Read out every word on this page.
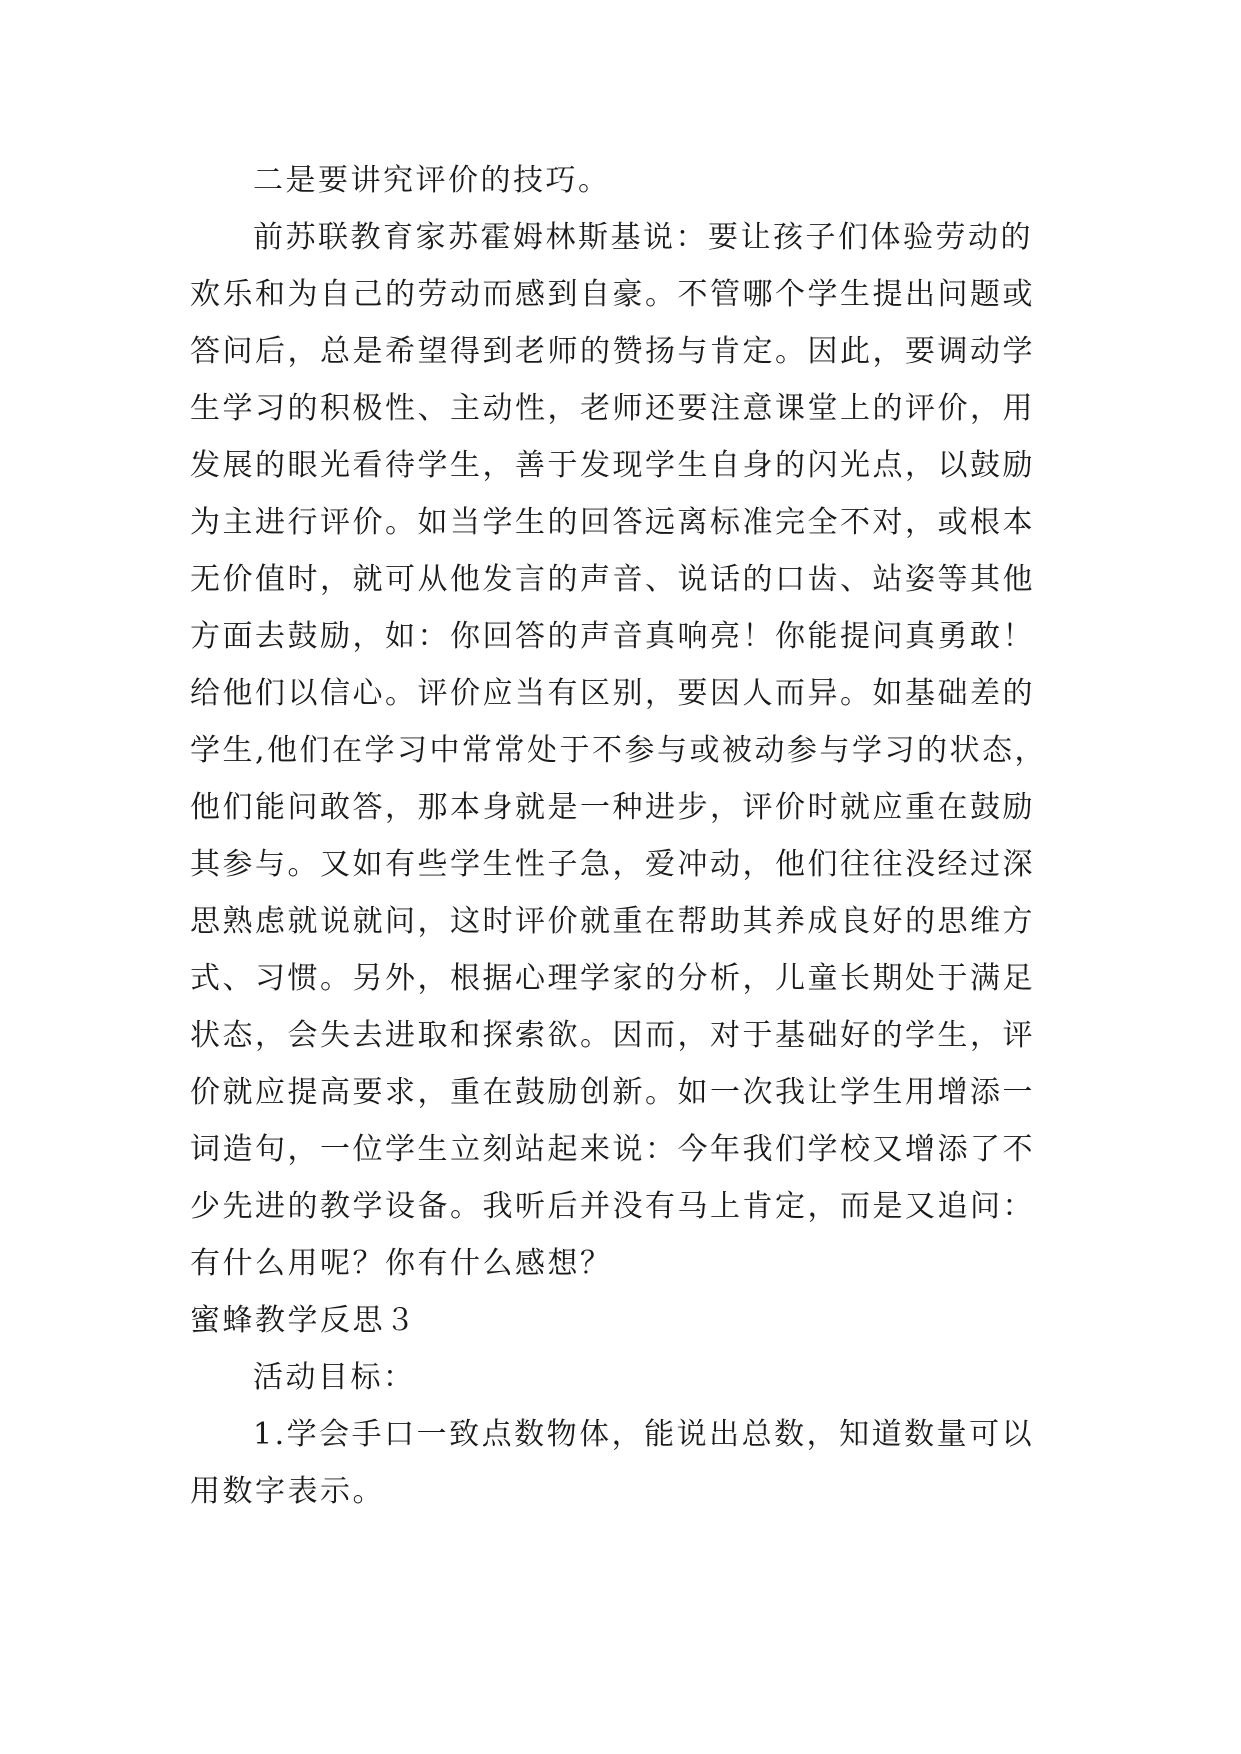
二是要讲究评价的技巧。
前苏联教育家苏霍姆林斯基说：要让孩子们体验劳动的
欢乐和为自己的劳动而感到自豪。不管哪个学生提出问题或
答问后，总是希望得到老师的赞扬与肯定。因此，要调动学
生学习的积极性、主动性，老师还要注意课堂上的评价，用
发展的眼光看待学生，善于发现学生自身的闪光点，以鼓励
为主进行评价。如当学生的回答远离标准完全不对，或根本
无价值时，就可从他发言的声音、说话的口齿、站姿等其他
方面去鼓励，如：你回答的声音真响亮！你能提问真勇敢！
给他们以信心。评价应当有区别，要因人而异。如基础差的
学生,他们在学习中常常处于不参与或被动参与学习的状态，
他们能问敢答，那本身就是一种进步，评价时就应重在鼓励
其参与。又如有些学生性子急，爱冲动，他们往往没经过深
思熟虑就说就问，这时评价就重在帮助其养成良好的思维方
式、习惯。另外，根据心理学家的分析，儿童长期处于满足
状态，会失去进取和探索欲。因而，对于基础好的学生，评
价就应提高要求，重在鼓励创新。如一次我让学生用增添一
词造句，一位学生立刻站起来说：今年我们学校又增添了不
少先进的教学设备。我听后并没有马上肯定，而是又追问：
有什么用呢？你有什么感想？
蜜蜂教学反思３
活动目标：
1.学会手口一致点数物体，能说出总数，知道数量可以
用数字表示。
